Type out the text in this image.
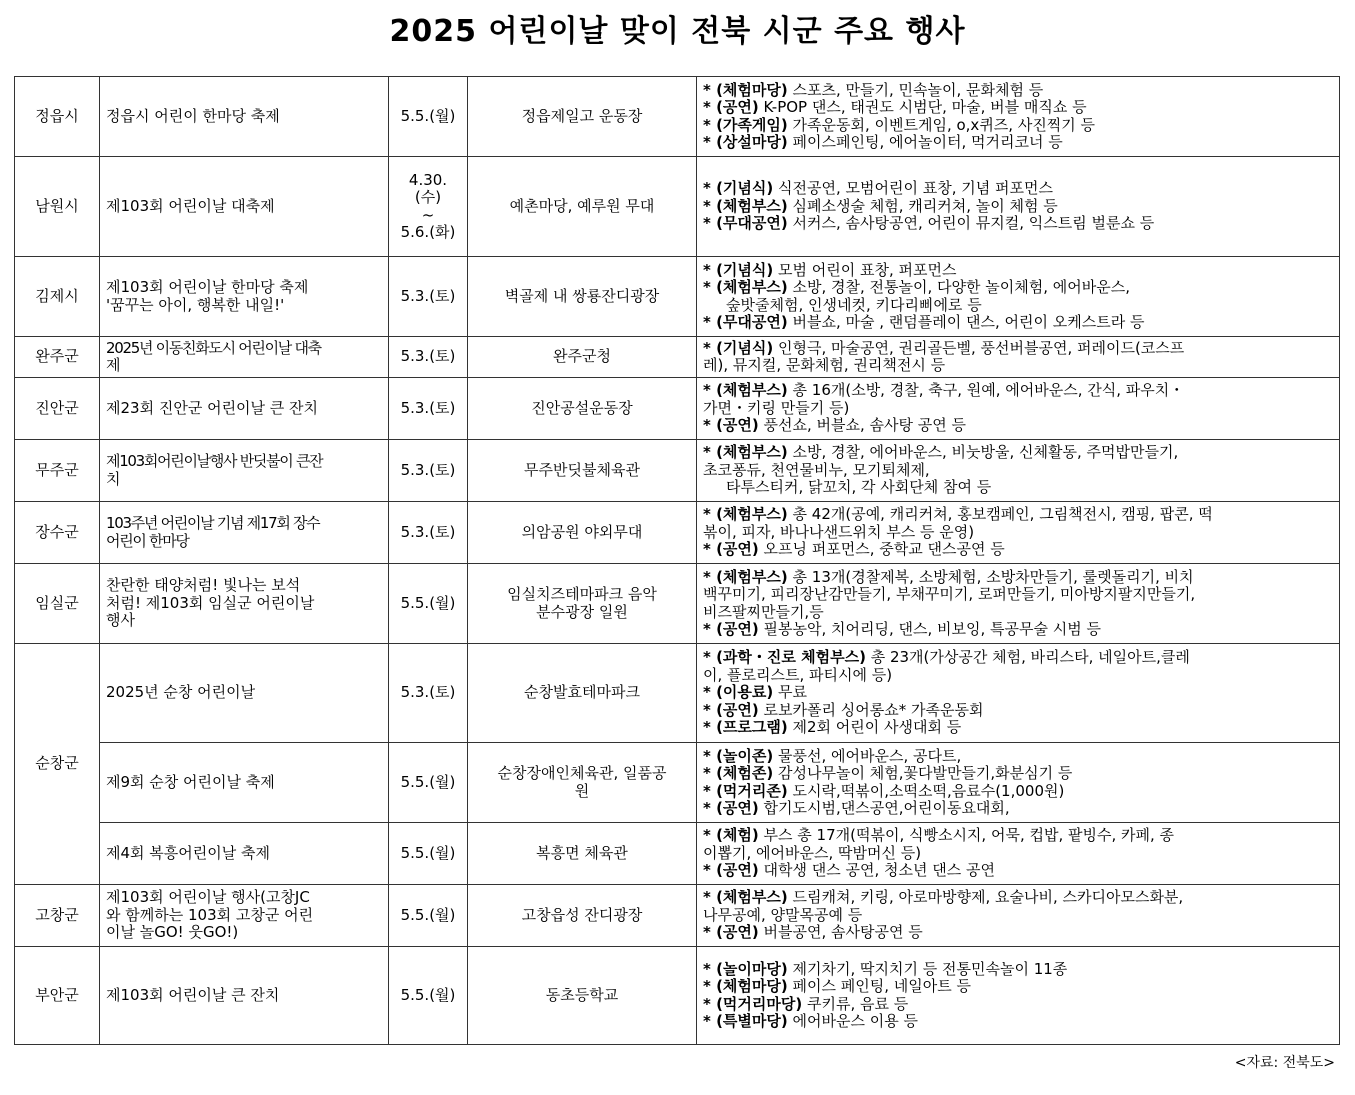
2025 어린이날 맞이 전북 시군 주요 행사
정읍시	정읍시 어린이 한마당 축제	5.5.(월)	정읍제일고 운동장	* (체험마당) 스포츠, 만들기, 민속놀이, 문화체험 등
* (공연) K-POP 댄스, 태권도 시범단, 마술, 버블 매직쇼 등
* (가족게임) 가족운동회, 이벤트게임, o,x퀴즈, 사진찍기 등
* (상설마당) 페이스페인팅, 에어놀이터, 먹거리코너 등

남원시	제103회 어린이날 대축제	4.30.
(수)
~
5.6.(화)	예촌마당, 예루원 무대	* (기념식) 식전공연, 모범어린이 표창, 기념 퍼포먼스
* (체험부스) 심폐소생술 체험, 캐리커쳐, 놀이 체험 등
* (무대공연) 서커스, 솜사탕공연, 어린이 뮤지컬, 익스트림 벌룬쇼 등

김제시	제103회 어린이날 한마당 축제
'꿈꾸는 아이, 행복한 내일!'	5.3.(토)	벽골제 내 쌍룡잔디광장	* (기념식) 모범 어린이 표창, 퍼포먼스
* (체험부스) 소방, 경찰, 전통놀이, 다양한 놀이체험, 에어바운스,
숲밧줄체험, 인생네컷, 키다리삐에로 등
* (무대공연) 버블쇼, 마술 , 랜덤플레이 댄스, 어린이 오케스트라 등

완주군	2025년 이동친화도시 어린이날 대축
제	5.3.(토)	완주군청	* (기념식) 인형극, 마술공연, 권리골든벨, 풍선버블공연, 퍼레이드(코스프
레), 뮤지컬, 문화체험, 권리책전시 등

진안군	제23회 진안군 어린이날 큰 잔치	5.3.(토)	진안공설운동장	* (체험부스) 총 16개(소방, 경찰, 축구, 원예, 에어바운스, 간식, 파우치・
가면・키링 만들기 등)
* (공연) 풍선쇼, 버블쇼, 솜사탕 공연 등

무주군	제103회어린이날행사 반딧불이 큰잔
치	5.3.(토)	무주반딧불체육관	* (체험부스) 소방, 경찰, 에어바운스, 비눗방울, 신체활동, 주먹밥만들기,
초코퐁듀, 천연물비누, 모기퇴체제,
타투스티커, 닭꼬치, 각 사회단체 참여 등

장수군	103주년 어린이날 기념 제17회 장수
어린이 한마당	5.3.(토)	의암공원 야외무대	* (체험부스) 총 42개(공예, 캐리커쳐, 홍보캠페인, 그림책전시, 캠핑, 팝콘, 떡
볶이, 피자, 바나나샌드위치 부스 등 운영)
* (공연) 오프닝 퍼포먼스, 중학교 댄스공연 등

임실군	찬란한 태양처럼! 빛나는 보석
처럼! 제103회 임실군 어린이날
행사	5.5.(월)	임실치즈테마파크 음악
분수광장 일원	* (체험부스) 총 13개(경찰제복, 소방체험, 소방차만들기, 룰렛돌리기, 비치
백꾸미기, 피리장난감만들기, 부채꾸미기, 로퍼만들기, 미아방지팔지만들기,
비즈팔찌만들기,등
* (공연) 필봉농악, 치어리딩, 댄스, 비보잉, 특공무술 시범 등

순창군	2025년 순창 어린이날	5.3.(토)	순창발효테마파크	* (과학・진로 체험부스) 총 23개(가상공간 체험, 바리스타, 네일아트,클레
이, 플로리스트, 파티시에 등)
* (이용료) 무료
* (공연) 로보카폴리 싱어롱쇼* 가족운동회
* (프로그램) 제2회 어린이 사생대회 등

	제9회 순창 어린이날 축제	5.5.(월)	순창장애인체육관, 일품공
원	* (놀이존) 물풍선, 에어바운스, 공다트,
* (체험존) 감성나무놀이 체험,꽃다발만들기,화분심기 등
* (먹거리존) 도시락,떡볶이,소떡소떡,음료수(1,000원)
* (공연) 합기도시범,댄스공연,어린이동요대회,

	제4회 복흥어린이날 축제	5.5.(월)	복흥면 체육관	* (체험) 부스 총 17개(떡볶이, 식빵소시지, 어묵, 컵밥, 팥빙수, 카페, 종
이뽑기, 에어바운스, 딱밤머신 등)
* (공연) 대학생 댄스 공연, 청소년 댄스 공연

고창군	제103회 어린이날 행사(고창JC
와 함께하는 103회 고창군 어린
이날 놀GO! 웃GO!)	5.5.(월)	고창읍성 잔디광장	* (체험부스) 드림캐쳐, 키링, 아로마방향제, 요술나비, 스카디아모스화분,
나무공예, 양말목공예 등
* (공연) 버블공연, 솜사탕공연 등

부안군	제103회 어린이날 큰 잔치	5.5.(월)	동초등학교	* (놀이마당) 제기차기, 딱지치기 등 전통민속놀이 11종
* (체험마당) 페이스 페인팅, 네일아트 등
* (먹거리마당) 쿠키류, 음료 등
* (특별마당) 에어바운스 이용 등
<자료: 전북도>
